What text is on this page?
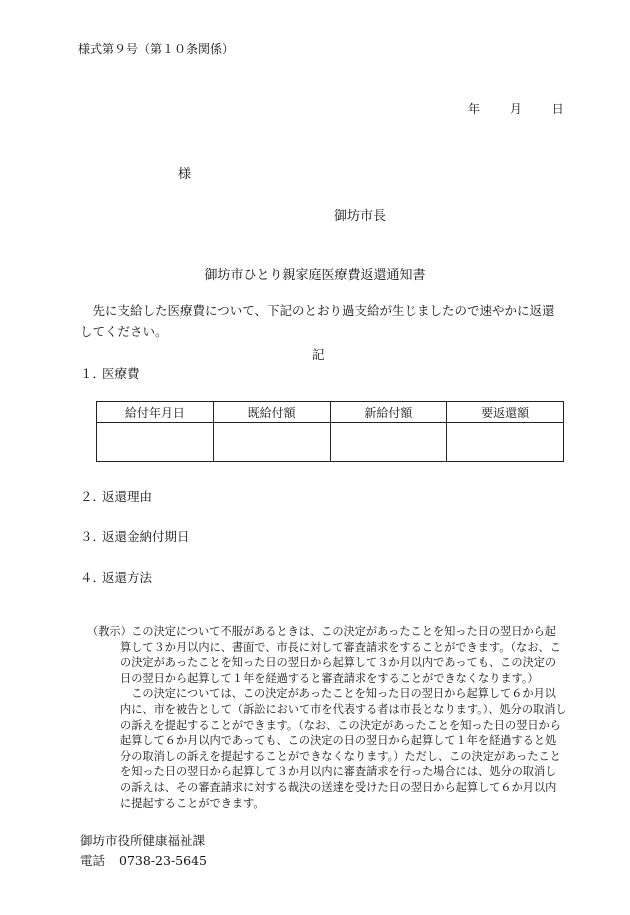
様式第９号（第１０条関係）
年 月 日
様
御坊市長
御坊市ひとり親家庭医療費返還通知書
先に支給した医療費について、下記のとおり過支給が生じましたので速やかに返還してください。
記
１．医療費
給付年月日	既給付額	新給付額	要返還額

２．返還理由
３．返還金納付期日
４．返還方法
（教示） この決定について不服があるときは、この決定があったことを知った日の翌日から起算して３か月以内に、書面で、市長に対して審査請求をすることができます。（なお、この決定があったことを知った日の翌日から起算して３か月以内であっても、この決定の日の翌日から起算して１年を経過すると審査請求をすることができなくなります。）
この決定については、この決定があったことを知った日の翌日から起算して６か月以内に、市を被告として（訴訟において市を代表する者は市長となります。）、処分の取消しの訴えを提起することができます。（なお、この決定があったことを知った日の翌日から起算して６か月以内であっても、この決定の日の翌日から起算して１年を経過すると処分の取消しの訴えを提起することができなくなります。）ただし、この決定があったことを知った日の翌日から起算して３か月以内に審査請求を行った場合には、処分の取消しの訴えは、その審査請求に対する裁決の送達を受けた日の翌日から起算して６か月以内に提起することができます。
御坊市役所健康福祉課
電話 0738-23-5645
